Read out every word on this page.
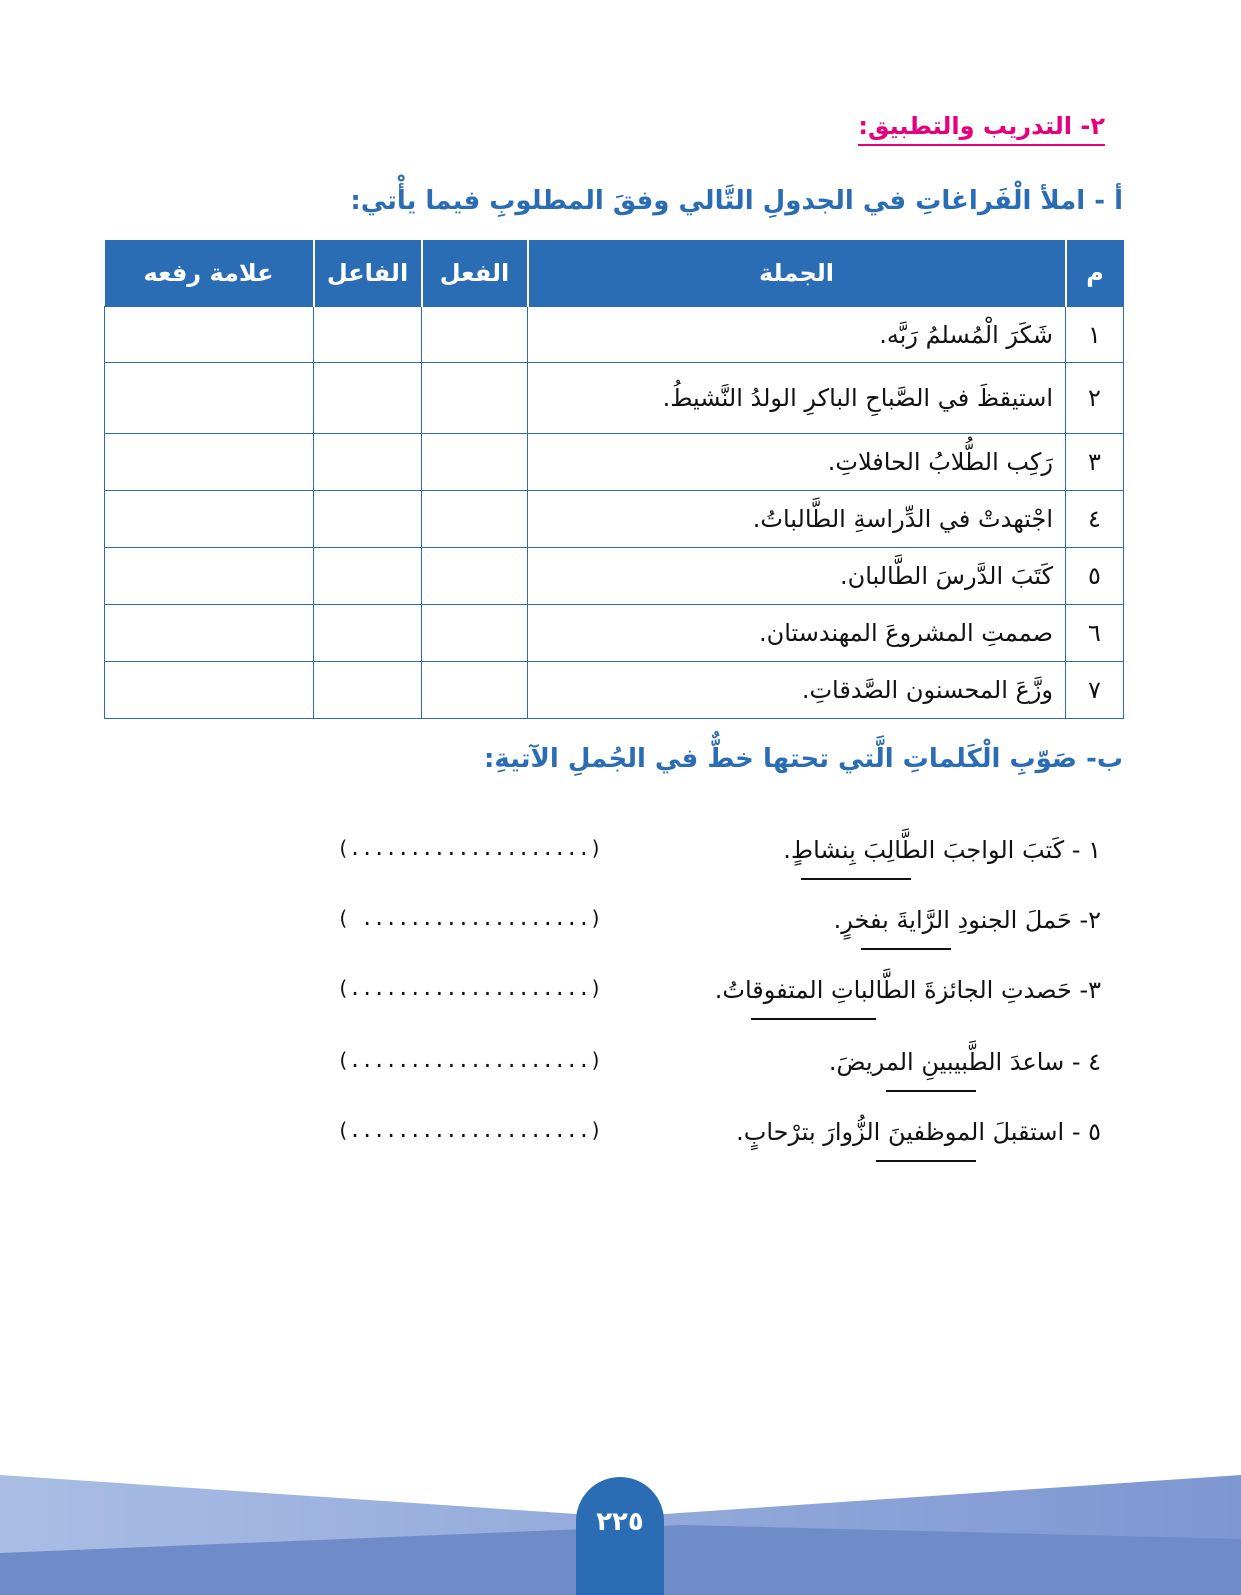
٢- التدريب والتطبيق:
أ - املأ الْفَراغاتِ في الجدولِ التَّالي وفقَ المطلوبِ فيما يأْتي:
م	الجملة	الفعل	الفاعل	علامة رفعه
١	شَكَرَ الْمُسلمُ رَبَّه.			
٢	استيقظَ في الصَّباحِ الباكرِ الولدُ النَّشيطُ.			
٣	رَكِب الطُّلابُ الحافلاتِ.			
٤	اجْتهدتْ في الدِّراسةِ الطَّالباتُ.			
٥	كَتَبَ الدَّرسَ الطَّالبان.			
٦	صممتِ المشروعَ المهندستان.			
٧	وزَّعَ المحسنون الصَّدقاتِ.			
ب- صَوّبِ الْكَلماتِ الَّتي تحتها خطٌّ في الجُملِ الآتيةِ:
١ - كَتبَ الواجبَ الطَّالِبَ بِنشاطٍ.
(....................)
٢- حَملَ الجنودِ الرَّايةَ بفخرٍ.
( ...................)
٣- حَصدتِ الجائزةَ الطَّالباتِ المتفوقاتُ.
(....................)
٤ - ساعدَ الطَّبيبينِ المريضَ.
(....................)
٥ - استقبلَ الموظفينَ الزُّوارَ بترْحابٍ.
(....................)
٢٢٥
